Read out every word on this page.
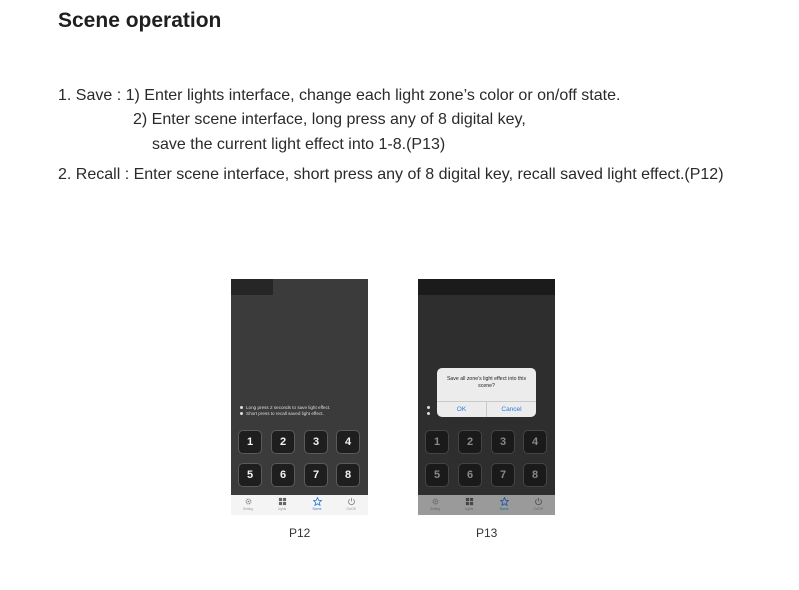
Scene operation
1. Save : 1) Enter lights interface, change each light zone’s color or on/off state.
2) Enter scene interface, long press any of 8 digital key,
save the current light effect into 1-8.(P13)
2. Recall : Enter scene interface, short press any of 8 digital key, recall saved light effect.(P12)
Long press 2 seconds to save light effect.
Short press to recall saved light effect.
1	2	3	4
5	6	7	8
Setting	Lights	Scene	On/Off
P12
1	2	3	4
5	6	7	8
Save all zone’s light effect into this scene?
OK	Cancel
Setting	Lights	Scene	On/Off
P13
